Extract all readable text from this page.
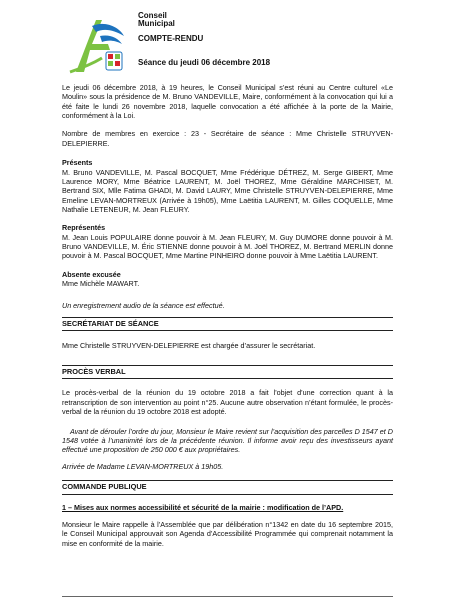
Conseil Municipal
COMPTE-RENDU
Séance du jeudi 06 décembre 2018

Le jeudi 06 décembre 2018, à 19 heures, le Conseil Municipal s’est réuni au Centre culturel «Le Moulin» sous la présidence de M. Bruno VANDEVILLE, Maire, conformément à la convocation qui lui a été faite le lundi 26 novembre 2018, laquelle convocation a été affichée à la porte de la Mairie, conformément à la Loi.

Nombre de membres en exercice : 23 - Secrétaire de séance : Mme Christelle STRUYVEN-DELEPIERRE.

Présents

M. Bruno VANDEVILLE, M. Pascal BOCQUET, Mme Frédérique DÉTREZ, M. Serge GIBERT, Mme Laurence MORY, Mme Béatrice LAURENT, M. Joël THOREZ, Mme Géraldine MARCHISET, M. Bertrand SIX, Mlle Fatima GHADI, M. David LAURY, Mme Christelle STRUYVEN-DELEPIERRE, Mme Emeline LEVAN-MORTREUX (Arrivée à 19h05), Mme Laëtitia LAURENT, M. Gilles COQUELLE, Mme Nathalie LETENEUR, M. Jean FLEURY.

Représentés

M. Jean Louis POPULAIRE donne pouvoir à M. Jean FLEURY, M. Guy DUMORE donne pouvoir à M. Bruno VANDEVILLE, M. Éric STIENNE donne pouvoir à M. Joël THOREZ, M. Bertrand MERLIN donne pouvoir à M. Pascal BOCQUET, Mme Martine PINHEIRO donne pouvoir à Mme Laëtitia LAURENT.

Absente excusée

Mme Michèle MAWART.

Un enregistrement audio de la séance est effectué.

SECRÉTARIAT DE SÉANCE

Mme Christelle STRUYVEN-DELEPIERRE est chargée d’assurer le secrétariat.

PROCÈS VERBAL

Le procès-verbal de la réunion du 19 octobre 2018 a fait l’objet d’une correction quant à la retranscription de son intervention au point n°25. Aucune autre observation n’étant formulée, le procès-verbal de la réunion du 19 octobre 2018 est adopté.

Avant de dérouler l’ordre du jour, Monsieur le Maire revient sur l’acquisition des parcelles D 1547 et D 1548 votée à l’unanimité lors de la précédente réunion. Il informe avoir reçu des investisseurs ayant effectué une proposition de 250 000 € aux propriétaires.

Arrivée de Madame LEVAN-MORTREUX à 19h05.

COMMANDE PUBLIQUE

1 – Mises aux normes accessibilité et sécurité de la mairie : modification de l’APD.

Monsieur le Maire rappelle à l’Assemblée que par délibération n°1342 en date du 16 septembre 2015, le Conseil Municipal approuvait son Agenda d’Accessibilité Programmée qui comprenait notamment la mise en conformité de la mairie.
